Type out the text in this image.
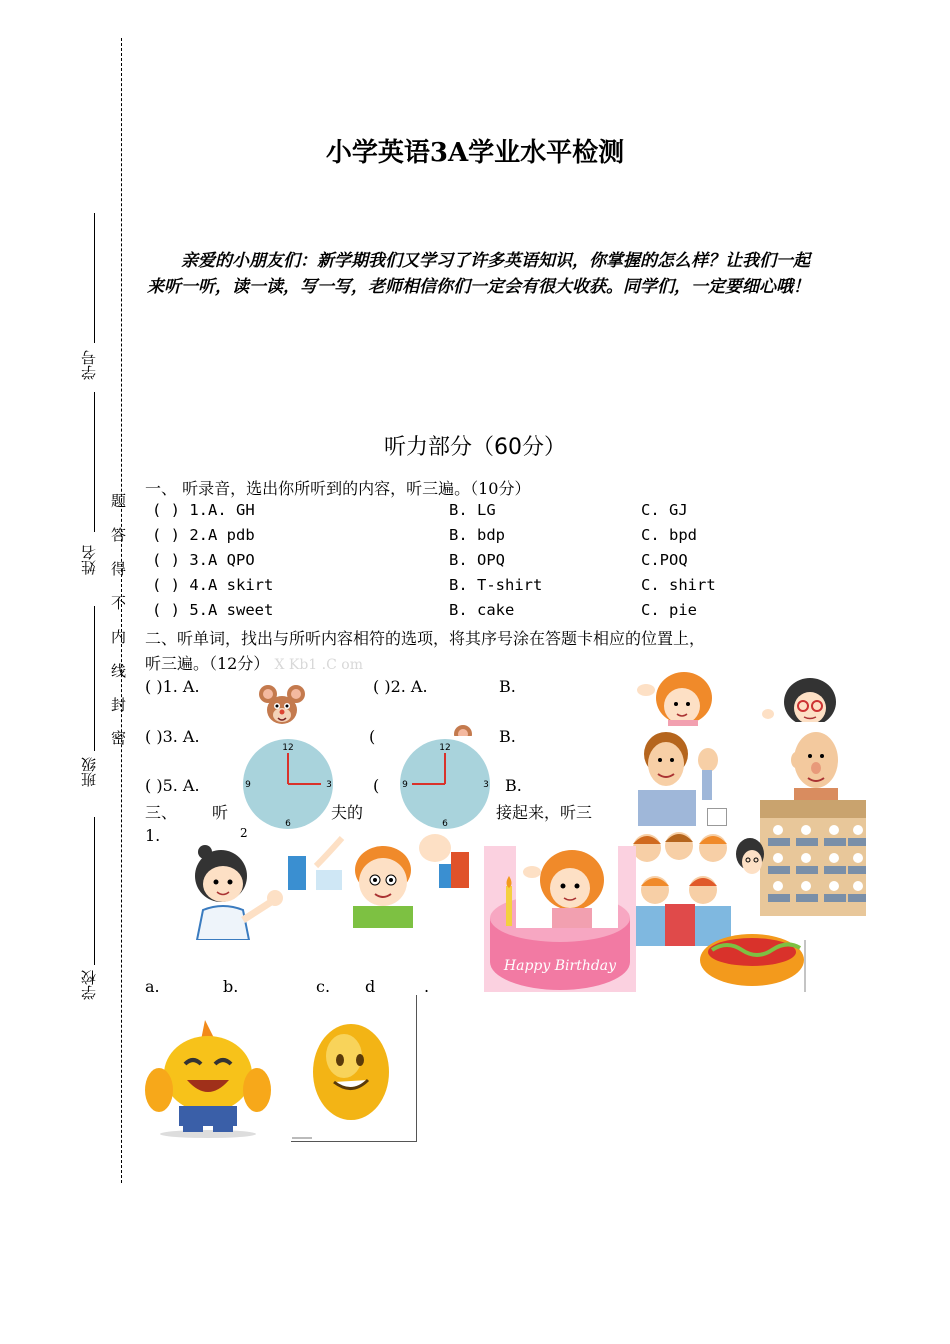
学号
姓名
班级
学校
题
答
得
不
内
线
封
密
小学英语3A学业水平检测
亲爱的小朋友们：新学期我们又学习了许多英语知识，你掌握的怎么样？让我们一起来听一听，读一读，写一写，老师相信你们一定会有很大收获。同学们，一定要细心哦！
听力部分（60分）
一、 听录音，选出你所听到的内容，听三遍。（10分）
( ) 1.A. GH	B. LG	C. GJ
( ) 2.A pdb	B. bdp	C. bpd
( ) 3.A QPO	B. OPQ	C.POQ
( ) 4.A skirt	B. T-shirt	C. shirt
( ) 5.A sweet	B. cake	C. pie
二、听单词，找出与所听内容相符的选项，将其序号涂在答题卡相应的位置上，
听三遍。（12分） X Kb1 .C om
( )1. A.	( )2. A.	B.
( )3. A.	(	B.
( )5. A.	(	B.
三、 听	夫的	接起来，听三
1.	2
a.	b.	c. d	.
12
3
6
9
12
3
6
9
Happy Birthday
